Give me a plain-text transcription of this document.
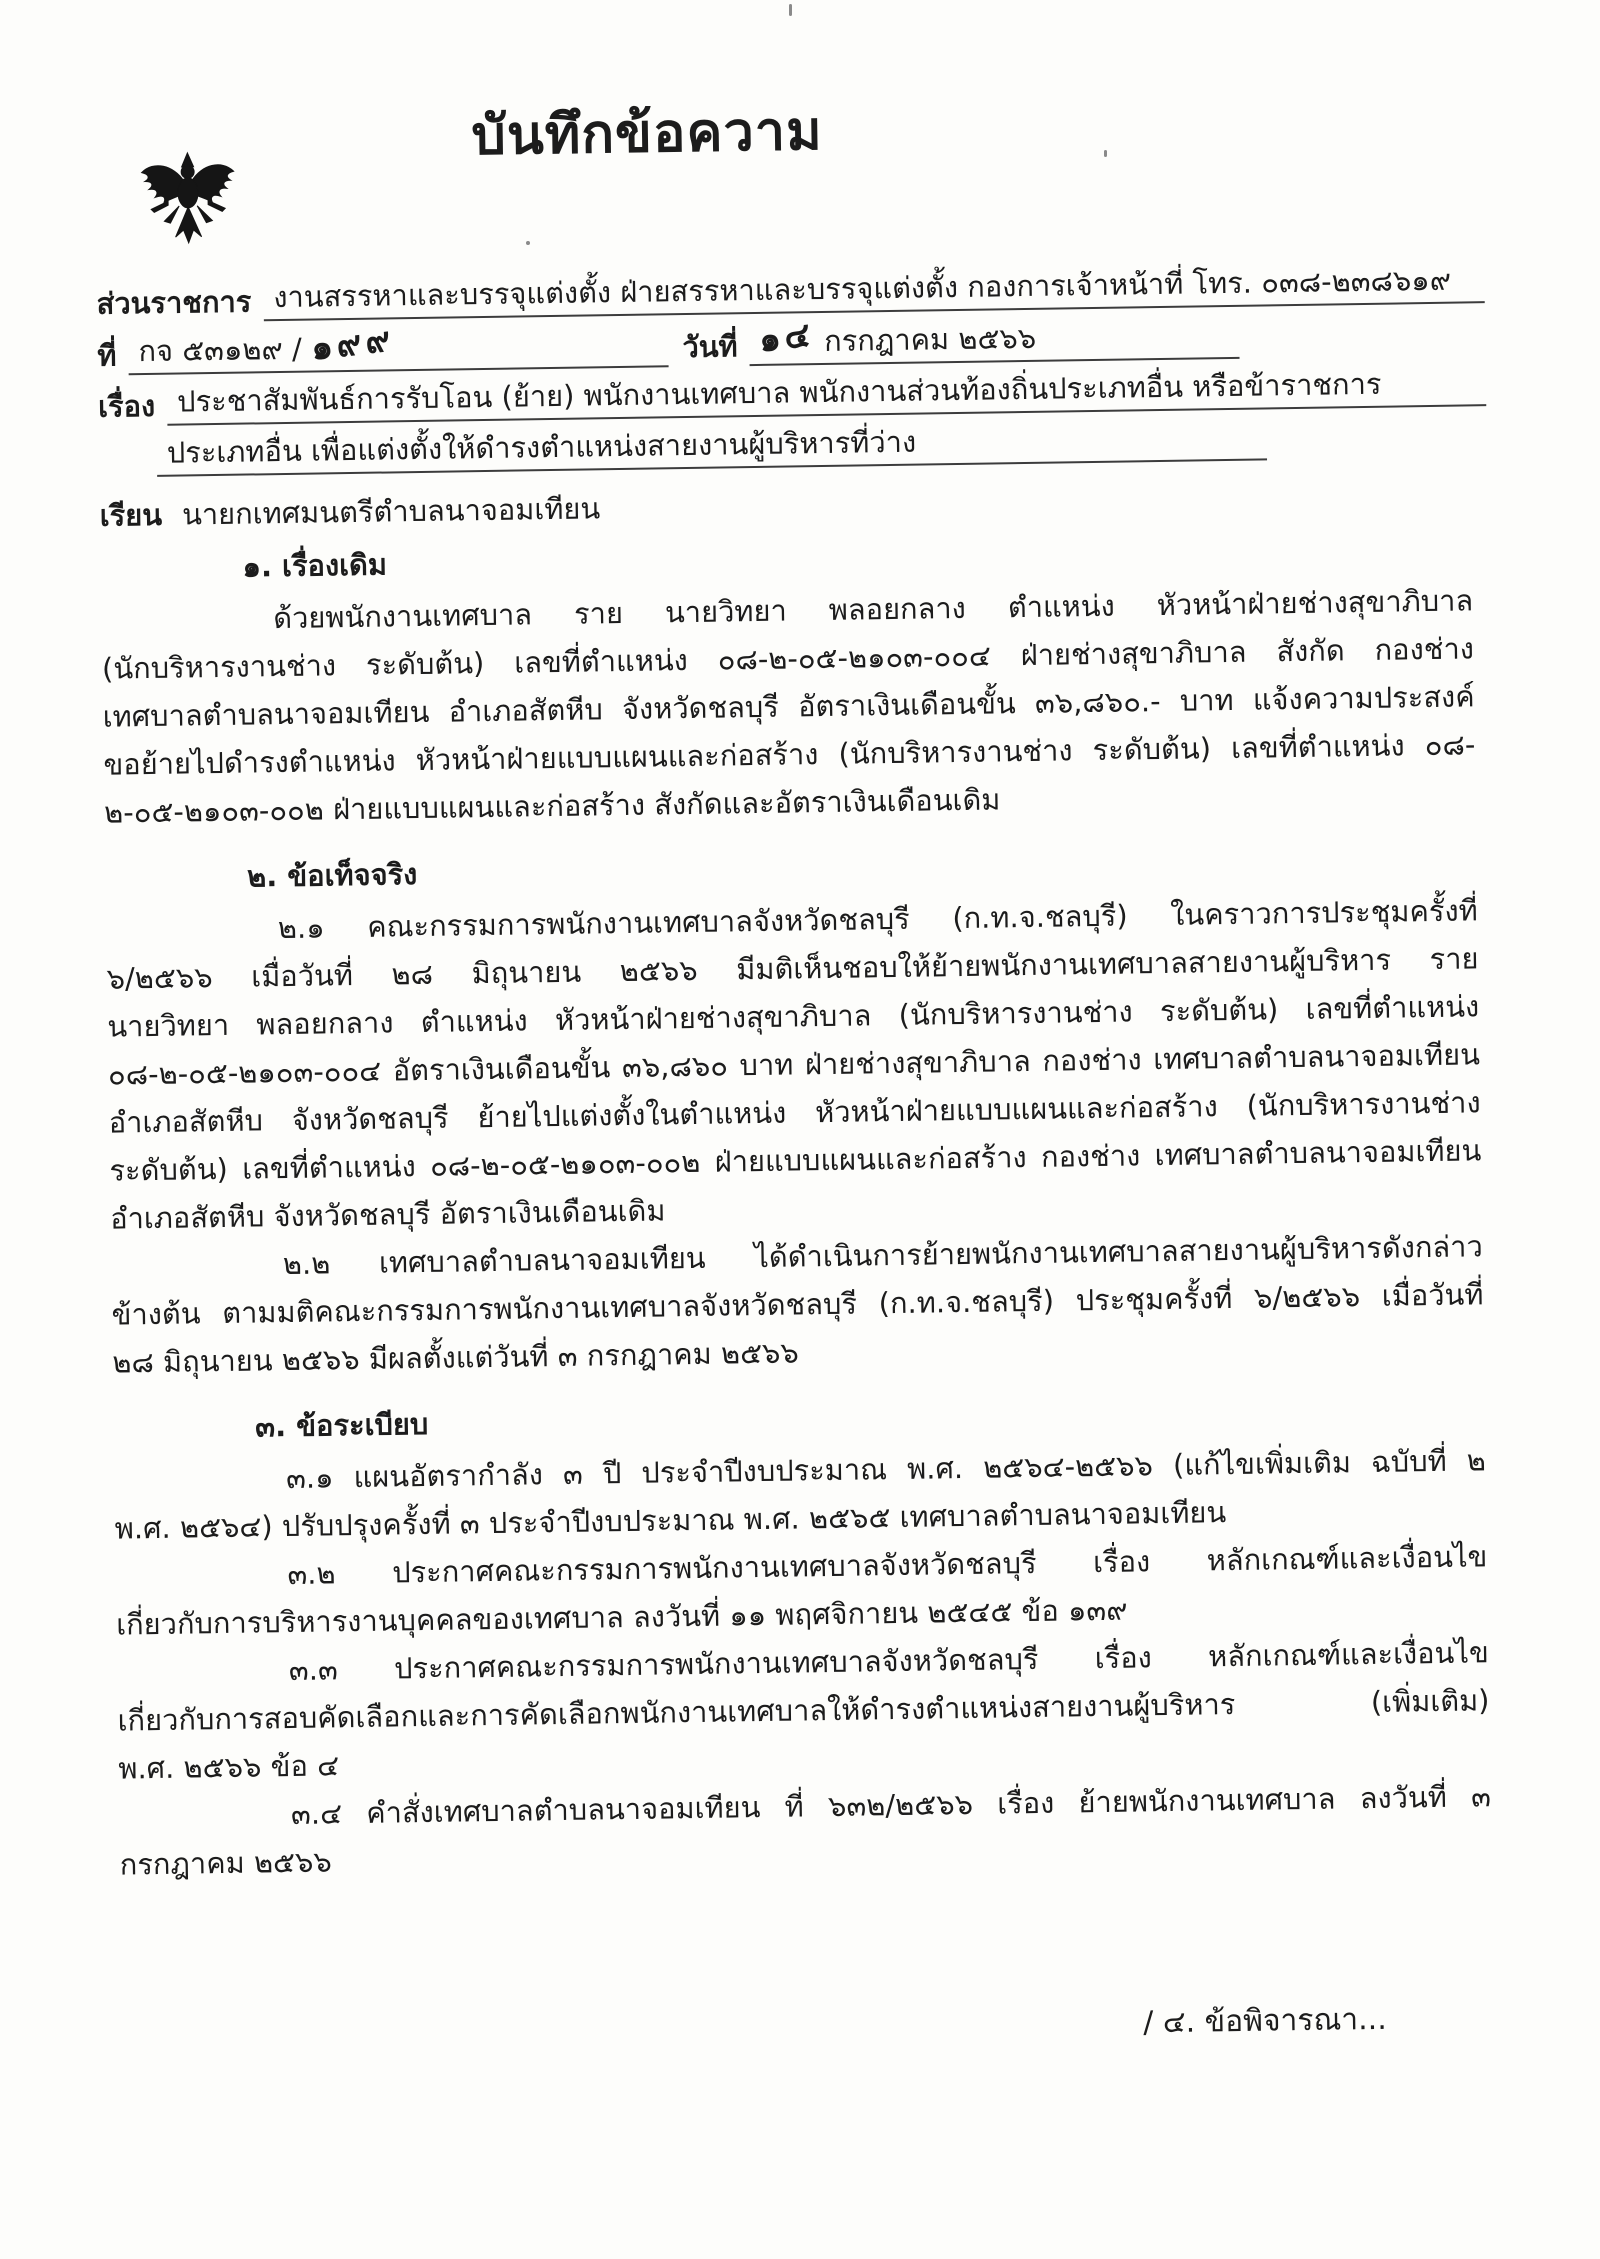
บันทึกข้อความ
ส่วนราชการ งานสรรหาและบรรจุแต่งตั้ง ฝ่ายสรรหาและบรรจุแต่งตั้ง กองการเจ้าหน้าที่ โทร. ๐๓๘-๒๓๘๖๑๙
ที่ กจ ๕๓๑๒๙ / ๑๙๙	วันที่ ๑๔ กรกฎาคม ๒๕๖๖
เรื่อง ประชาสัมพันธ์การรับโอน (ย้าย) พนักงานเทศบาล พนักงานส่วนท้องถิ่นประเภทอื่น หรือข้าราชการ
ประเภทอื่น เพื่อแต่งตั้งให้ดำรงตำแหน่งสายงานผู้บริหารที่ว่าง
เรียน นายกเทศมนตรีตำบลนาจอมเทียน
๑. เรื่องเดิม
ด้วยพนักงานเทศบาล ราย นายวิทยา พลอยกลาง ตำแหน่ง หัวหน้าฝ่ายช่างสุขาภิบาล
(นักบริหารงานช่าง ระดับต้น) เลขที่ตำแหน่ง ๐๘-๒-๐๕-๒๑๐๓-๐๐๔ ฝ่ายช่างสุขาภิบาล สังกัด กองช่าง
เทศบาลตำบลนาจอมเทียน อำเภอสัตหีบ จังหวัดชลบุรี อัตราเงินเดือนขั้น ๓๖,๘๖๐.- บาท แจ้งความประสงค์
ขอย้ายไปดำรงตำแหน่ง หัวหน้าฝ่ายแบบแผนและก่อสร้าง (นักบริหารงานช่าง ระดับต้น) เลขที่ตำแหน่ง ๐๘-
๒-๐๕-๒๑๐๓-๐๐๒ ฝ่ายแบบแผนและก่อสร้าง สังกัดและอัตราเงินเดือนเดิม
๒. ข้อเท็จจริง
๒.๑ คณะกรรมการพนักงานเทศบาลจังหวัดชลบุรี (ก.ท.จ.ชลบุรี) ในคราวการประชุมครั้งที่
๖/๒๕๖๖ เมื่อวันที่ ๒๘ มิถุนายน ๒๕๖๖ มีมติเห็นชอบให้ย้ายพนักงานเทศบาลสายงานผู้บริหาร ราย
นายวิทยา พลอยกลาง ตำแหน่ง หัวหน้าฝ่ายช่างสุขาภิบาล (นักบริหารงานช่าง ระดับต้น) เลขที่ตำแหน่ง
๐๘-๒-๐๕-๒๑๐๓-๐๐๔ อัตราเงินเดือนขั้น ๓๖,๘๖๐ บาท ฝ่ายช่างสุขาภิบาล กองช่าง เทศบาลตำบลนาจอมเทียน
อำเภอสัตหีบ จังหวัดชลบุรี ย้ายไปแต่งตั้งในตำแหน่ง หัวหน้าฝ่ายแบบแผนและก่อสร้าง (นักบริหารงานช่าง
ระดับต้น) เลขที่ตำแหน่ง ๐๘-๒-๐๕-๒๑๐๓-๐๐๒ ฝ่ายแบบแผนและก่อสร้าง กองช่าง เทศบาลตำบลนาจอมเทียน
อำเภอสัตหีบ จังหวัดชลบุรี อัตราเงินเดือนเดิม
๒.๒ เทศบาลตำบลนาจอมเทียน ได้ดำเนินการย้ายพนักงานเทศบาลสายงานผู้บริหารดังกล่าว
ข้างต้น ตามมติคณะกรรมการพนักงานเทศบาลจังหวัดชลบุรี (ก.ท.จ.ชลบุรี) ประชุมครั้งที่ ๖/๒๕๖๖ เมื่อวันที่
๒๘ มิถุนายน ๒๕๖๖ มีผลตั้งแต่วันที่ ๓ กรกฎาคม ๒๕๖๖
๓. ข้อระเบียบ
๓.๑ แผนอัตรากำลัง ๓ ปี ประจำปีงบประมาณ พ.ศ. ๒๕๖๔-๒๕๖๖ (แก้ไขเพิ่มเติม ฉบับที่ ๒
พ.ศ. ๒๕๖๔) ปรับปรุงครั้งที่ ๓ ประจำปีงบประมาณ พ.ศ. ๒๕๖๕ เทศบาลตำบลนาจอมเทียน
๓.๒ ประกาศคณะกรรมการพนักงานเทศบาลจังหวัดชลบุรี เรื่อง หลักเกณฑ์และเงื่อนไข
เกี่ยวกับการบริหารงานบุคคลของเทศบาล ลงวันที่ ๑๑ พฤศจิกายน ๒๕๔๕ ข้อ ๑๓๙
๓.๓ ประกาศคณะกรรมการพนักงานเทศบาลจังหวัดชลบุรี เรื่อง หลักเกณฑ์และเงื่อนไข
เกี่ยวกับการสอบคัดเลือกและการคัดเลือกพนักงานเทศบาลให้ดำรงตำแหน่งสายงานผู้บริหาร (เพิ่มเติม)
พ.ศ. ๒๕๖๖ ข้อ ๔
๓.๔ คำสั่งเทศบาลตำบลนาจอมเทียน ที่ ๖๓๒/๒๕๖๖ เรื่อง ย้ายพนักงานเทศบาล ลงวันที่ ๓
กรกฎาคม ๒๕๖๖
/ ๔. ข้อพิจารณา...
